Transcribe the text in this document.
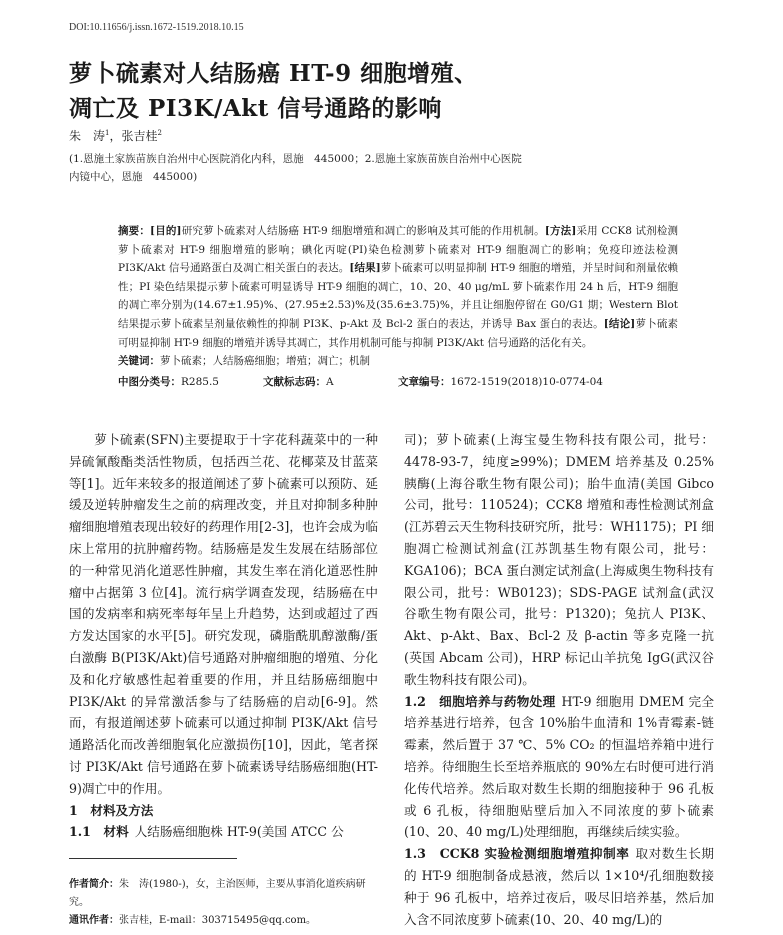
DOI:10.11656/j.issn.1672-1519.2018.10.15
萝卜硫素对人结肠癌 HT-9 细胞增殖、
凋亡及 PI3K/Akt 信号通路的影响
朱　涛$^1$，张吉桂$^2$
(1.恩施土家族苗族自治州中心医院消化内科，恩施　445000；2.恩施土家族苗族自治州中心医院
内镜中心，恩施　445000)
摘要：[目的]研究萝卜硫素对人结肠癌 HT-9 细胞增殖和凋亡的影响及其可能的作用机制。[方法]采用 CCK8 试剂检测萝卜硫素对 HT-9 细胞增殖的影响；碘化丙啶(PI)染色检测萝卜硫素对 HT-9 细胞凋亡的影响；免疫印迹法检测 PI3K/Akt 信号通路蛋白及凋亡相关蛋白的表达。[结果]萝卜硫素可以明显抑制 HT-9 细胞的增殖，并呈时间和剂量依赖性；PI 染色结果提示萝卜硫素可明显诱导 HT-9 细胞的凋亡，10、20、40 μg/mL 萝卜硫素作用 24 h 后，HT-9 细胞的凋亡率分别为(14.67±1.95)%、(27.95±2.53)%及(35.6±3.75)%，并且让细胞停留在 G0/G1 期；Western Blot 结果提示萝卜硫素呈剂量依赖性的抑制 PI3K、p-Akt 及 Bcl-2 蛋白的表达，并诱导 Bax 蛋白的表达。[结论]萝卜硫素可明显抑制 HT-9 细胞的增殖并诱导其凋亡，其作用机制可能与抑制 PI3K/Akt 信号通路的活化有关。
关键词：萝卜硫素；人结肠癌细胞；增殖；凋亡；机制
中图分类号：R285.5	文献标志码：A	文章编号：1672-1519(2018)10-0774-04

萝卜硫素(SFN)主要提取于十字花科蔬菜中的一种异硫氰酸酯类活性物质，包括西兰花、花椰菜及甘蓝菜等[1]。近年来较多的报道阐述了萝卜硫素可以预防、延缓及逆转肿瘤发生之前的病理改变，并且对抑制多种肿瘤细胞增殖表现出较好的药理作用[2-3]，也许会成为临床上常用的抗肿瘤药物。结肠癌是发生发展在结肠部位的一种常见消化道恶性肿瘤，其发生率在消化道恶性肿瘤中占据第 3 位[4]。流行病学调查发现，结肠癌在中国的发病率和病死率每年呈上升趋势，达到或超过了西方发达国家的水平[5]。研究发现，磷脂酰肌醇激酶/蛋白激酶 B(PI3K/Akt)信号通路对肿瘤细胞的增殖、分化及和化疗敏感性起着重要的作用，并且结肠癌细胞中 PI3K/Akt 的异常激活参与了结肠癌的启动[6-9]。然而，有报道阐述萝卜硫素可以通过抑制 PI3K/Akt 信号通路活化而改善细胞氧化应激损伤[10]，因此，笔者探讨 PI3K/Akt 信号通路在萝卜硫素诱导结肠癌细胞(HT-9)凋亡中的作用。

1　材料及方法

1.1　材料 人结肠癌细胞株 HT-9(美国 ATCC 公

司)；萝卜硫素(上海宝曼生物科技有限公司，批号：4478-93-7，纯度≥99%)；DMEM 培养基及 0.25%胰酶(上海谷歌生物有限公司)；胎牛血清(美国 Gibco 公司，批号：110524)；CCK8 增殖和毒性检测试剂盒(江苏碧云天生物科技研究所，批号：WH1175)；PI 细胞凋亡检测试剂盒(江苏凯基生物有限公司，批号：KGA106)；BCA 蛋白测定试剂盒(上海威奥生物科技有限公司，批号：WB0123)；SDS-PAGE 试剂盒(武汉谷歌生物有限公司，批号：P1320)；兔抗人 PI3K、Akt、p-Akt、Bax、Bcl-2 及 β-actin 等多克隆一抗(英国 Abcam 公司)，HRP 标记山羊抗兔 IgG(武汉谷歌生物科技有限公司)。

1.2　细胞培养与药物处理 HT-9 细胞用 DMEM 完全培养基进行培养，包含 10%胎牛血清和 1%青霉素-链霉素，然后置于 37 ℃、5% CO₂ 的恒温培养箱中进行培养。待细胞生长至培养瓶底的 90%左右时便可进行消化传代培养。然后取对数生长期的细胞接种于 96 孔板或 6 孔板，待细胞贴壁后加入不同浓度的萝卜硫素(10、20、40 mg/L)处理细胞，再继续后续实验。

1.3　CCK8 实验检测细胞增殖抑制率 取对数生长期的 HT-9 细胞制备成悬液，然后以 1×10⁴/孔细胞数接种于 96 孔板中，培养过夜后，吸尽旧培养基，然后加入含不同浓度萝卜硫素(10、20、40 mg/L)的

作者简介：朱　涛(1980-)，女，主治医师，主要从事消化道疾病研究。
通讯作者：张吉桂，E-mail：303715495@qq.com。
